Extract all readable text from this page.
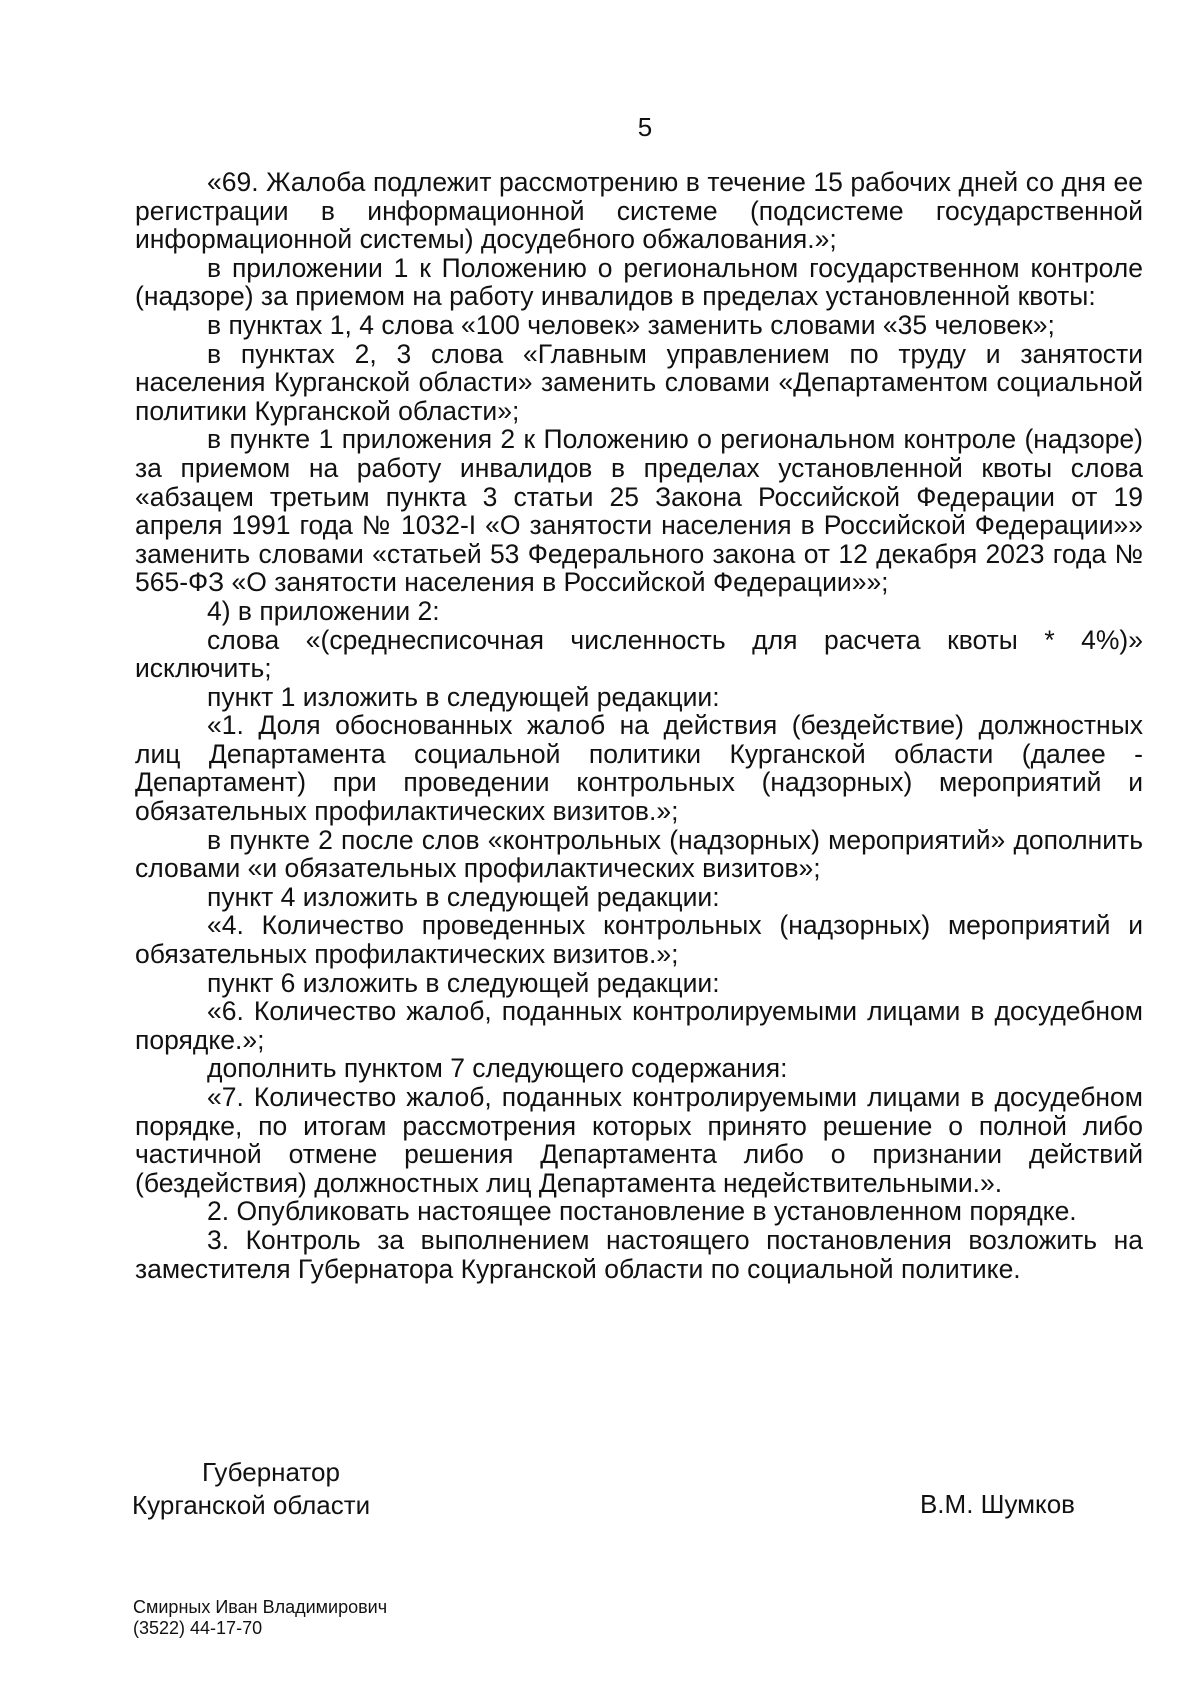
5

«69. Жалоба подлежит рассмотрению в течение 15 рабочих дней со дня ее регистрации в информационной системе (подсистеме государственной информационной системы) досудебного обжалования.»;

в приложении 1 к Положению о региональном государственном контроле (надзоре) за приемом на работу инвалидов в пределах установленной квоты:

в пунктах 1, 4 слова «100 человек» заменить словами «35 человек»;

в пунктах 2, 3 слова «Главным управлением по труду и занятости населения Курганской области» заменить словами «Департаментом социальной политики Курганской области»;

в пункте 1 приложения 2 к Положению о региональном контроле (надзоре) за приемом на работу инвалидов в пределах установленной квоты слова «абзацем третьим пункта 3 статьи 25 Закона Российской Федерации от 19 апреля 1991 года № 1032-I «О занятости населения в Российской Федерации»» заменить словами «статьей 53 Федерального закона от 12 декабря 2023 года № 565-ФЗ «О занятости населения в Российской Федерации»»;

4) в приложении 2:

слова «(среднесписочная численность для расчета квоты * 4%)» исключить;

пункт 1 изложить в следующей редакции:

«1. Доля обоснованных жалоб на действия (бездействие) должностных лиц Департамента социальной политики Курганской области (далее - Департамент) при проведении контрольных (надзорных) мероприятий и обязательных профилактических визитов.»;

в пункте 2 после слов «контрольных (надзорных) мероприятий» дополнить словами «и обязательных профилактических визитов»;

пункт 4 изложить в следующей редакции:

«4. Количество проведенных контрольных (надзорных) мероприятий и обязательных профилактических визитов.»;

пункт 6 изложить в следующей редакции:

«6. Количество жалоб, поданных контролируемыми лицами в досудебном порядке.»;

дополнить пунктом 7 следующего содержания:

«7. Количество жалоб, поданных контролируемыми лицами в досудебном порядке, по итогам рассмотрения которых принято решение о полной либо частичной отмене решения Департамента либо о признании действий (бездействия) должностных лиц Департамента недействительными.».

2. Опубликовать настоящее постановление в установленном порядке.

3. Контроль за выполнением настоящего постановления возложить на заместителя Губернатора Курганской области по социальной политике.

Губернатор
Курганской области	В.М. Шумков
Смирных Иван Владимирович
(3522) 44-17-70
